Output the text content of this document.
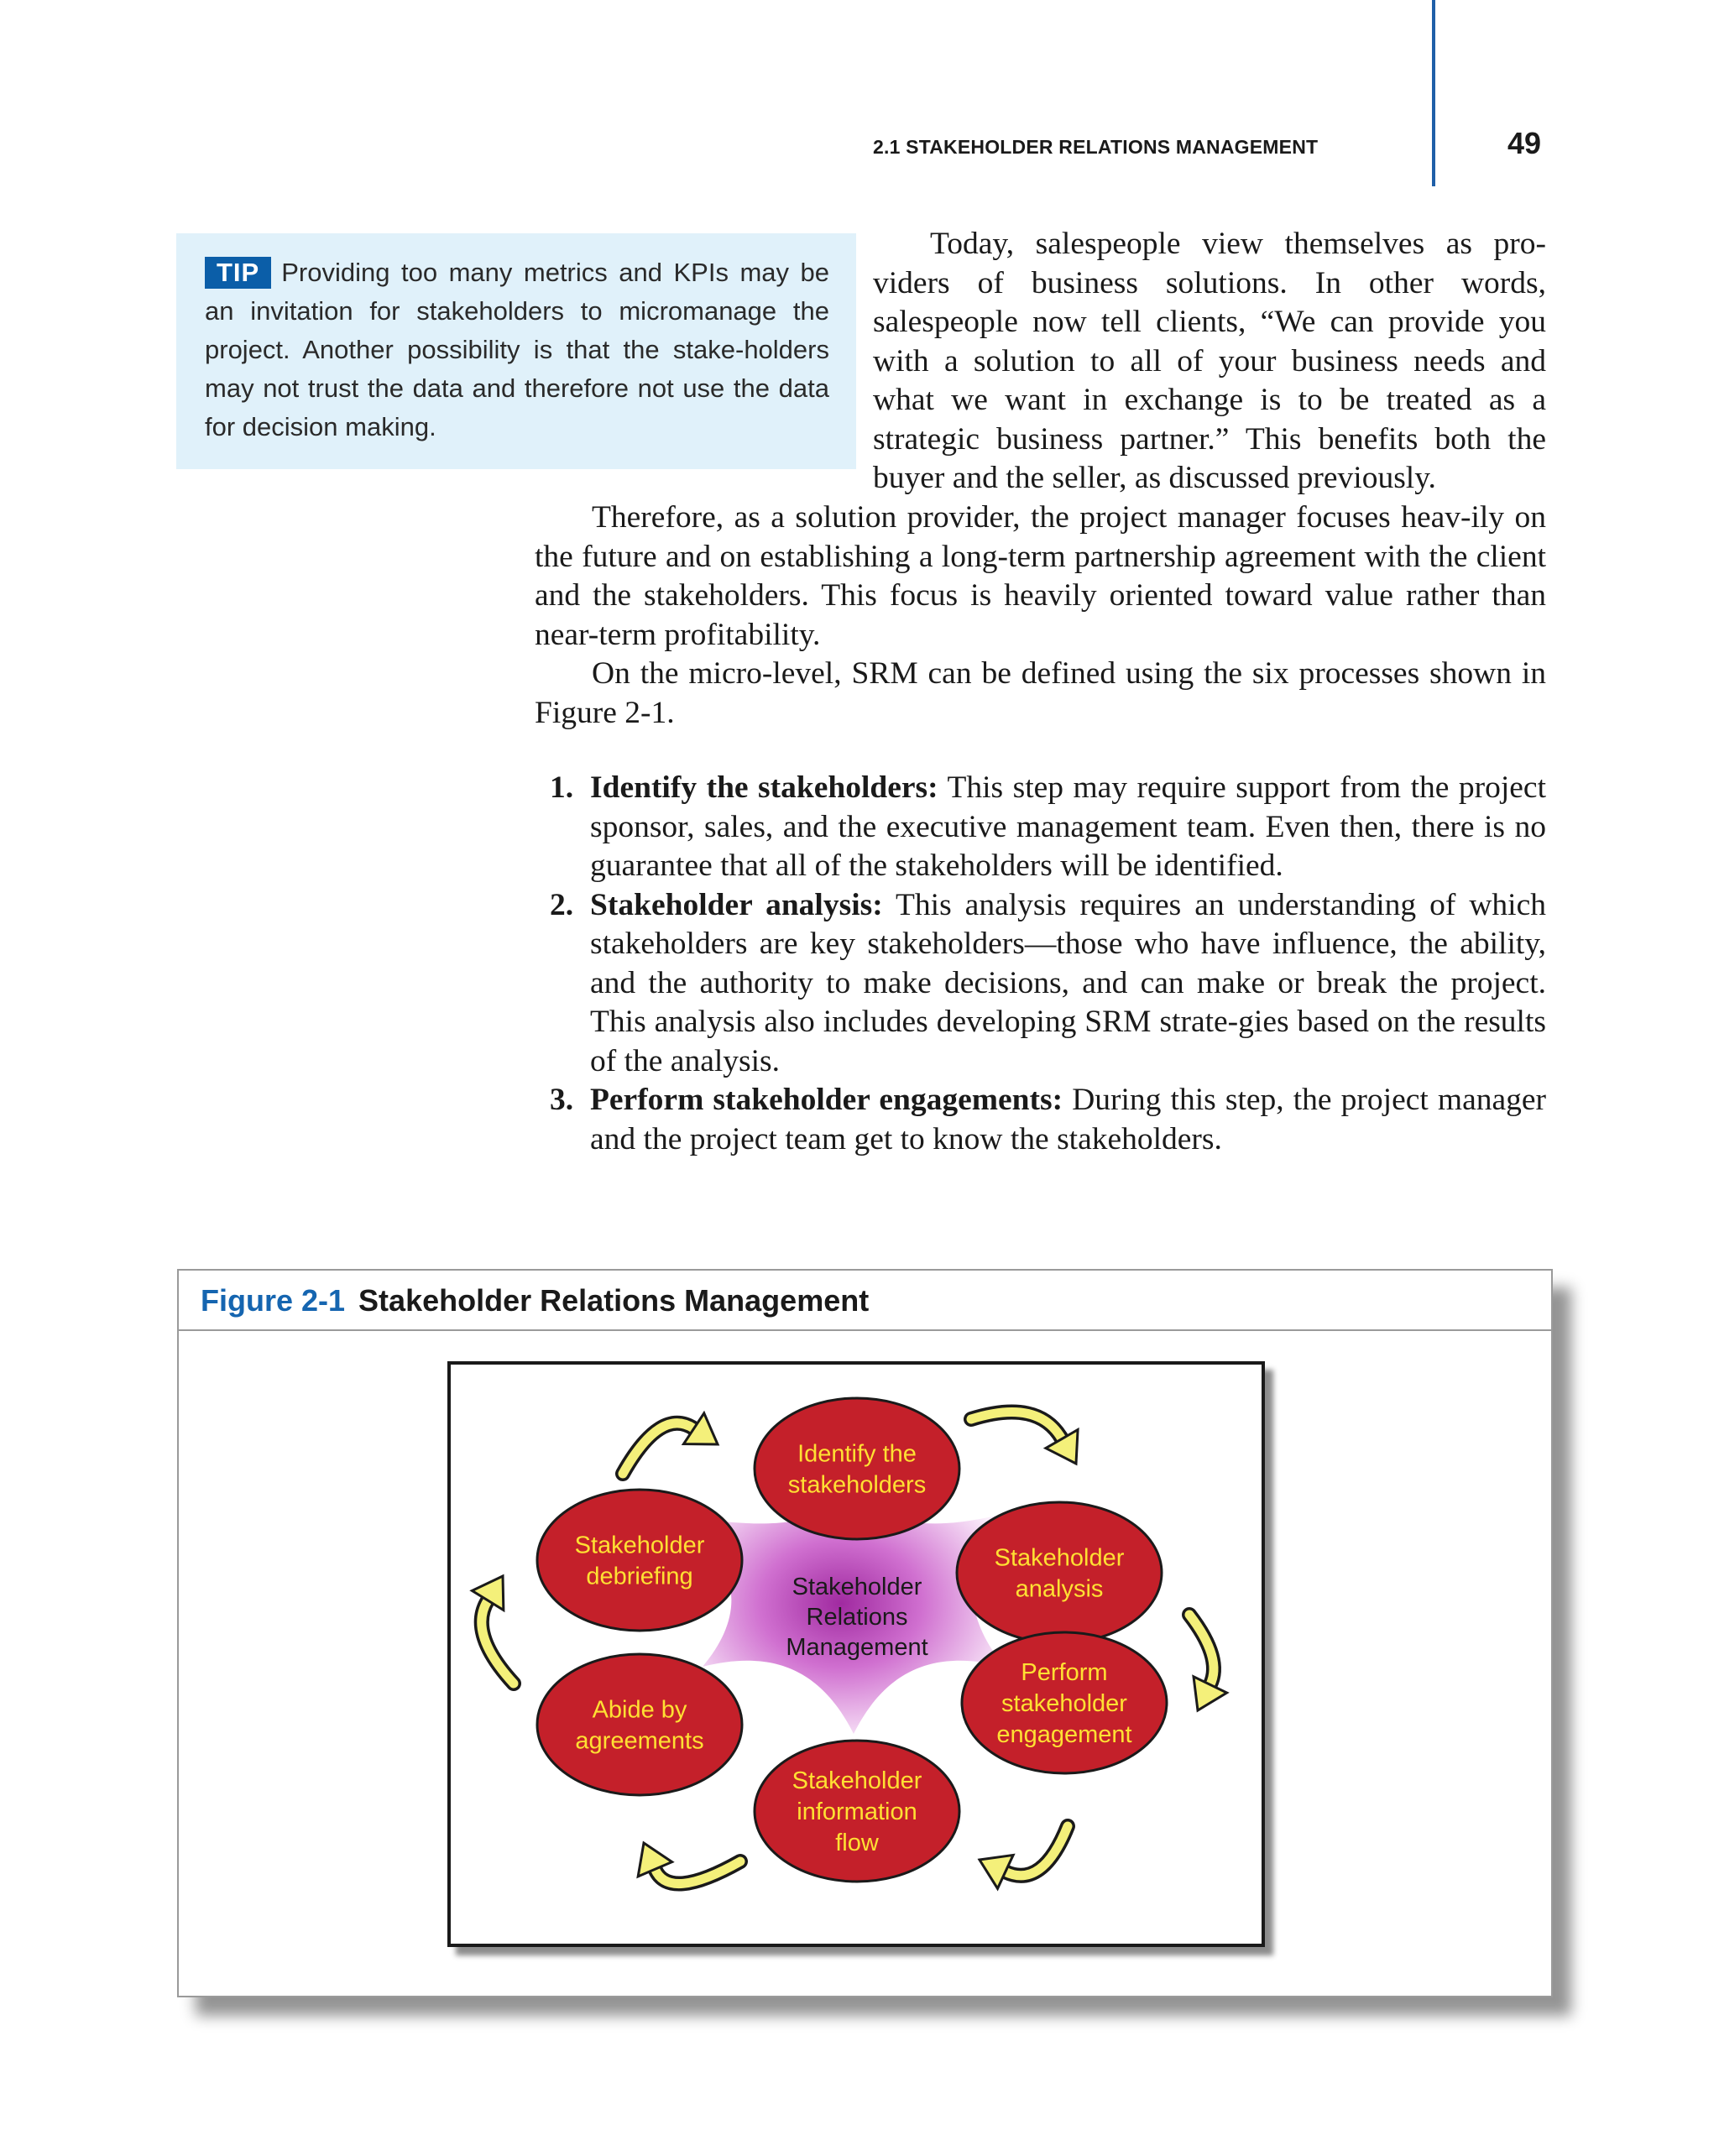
2.1 STAKEHOLDER RELATIONS MANAGEMENT	49
TIP Providing too many metrics and KPIs may be an invitation for stakeholders to micromanage the project. Another possibility is that the stake-holders may not trust the data and therefore not use the data for decision making.

Today, salespeople view themselves as pro-viders of business solutions. In other words, salespeople now tell clients, “We can provide you with a solution to all of your business needs and what we want in exchange is to be treated as a strategic business partner.” This benefits both the buyer and the seller, as discussed previously.

Therefore, as a solution provider, the project manager focuses heav-ily on the future and on establishing a long-term partnership agreement with the client and the stakeholders. This focus is heavily oriented toward value rather than near-term profitability.

On the micro-level, SRM can be defined using the six processes shown in Figure 2-1.

1. Identify the stakeholders: This step may require support from the project sponsor, sales, and the executive management team. Even then, there is no guarantee that all of the stakeholders will be identified.
2. Stakeholder analysis: This analysis requires an understanding of which stakeholders are key stakeholders—those who have influence, the ability, and the authority to make decisions, and can make or break the project. This analysis also includes developing SRM strate-gies based on the results of the analysis.
3. Perform stakeholder engagements: During this step, the project manager and the project team get to know the stakeholders.
Figure 2-1 Stakeholder Relations Management
Identify the
stakeholders
Stakeholder
analysis
Perform
stakeholder
engagement
Stakeholder
information
flow
Abide by
agreements
Stakeholder
debriefing	Stakeholder Relations Management
